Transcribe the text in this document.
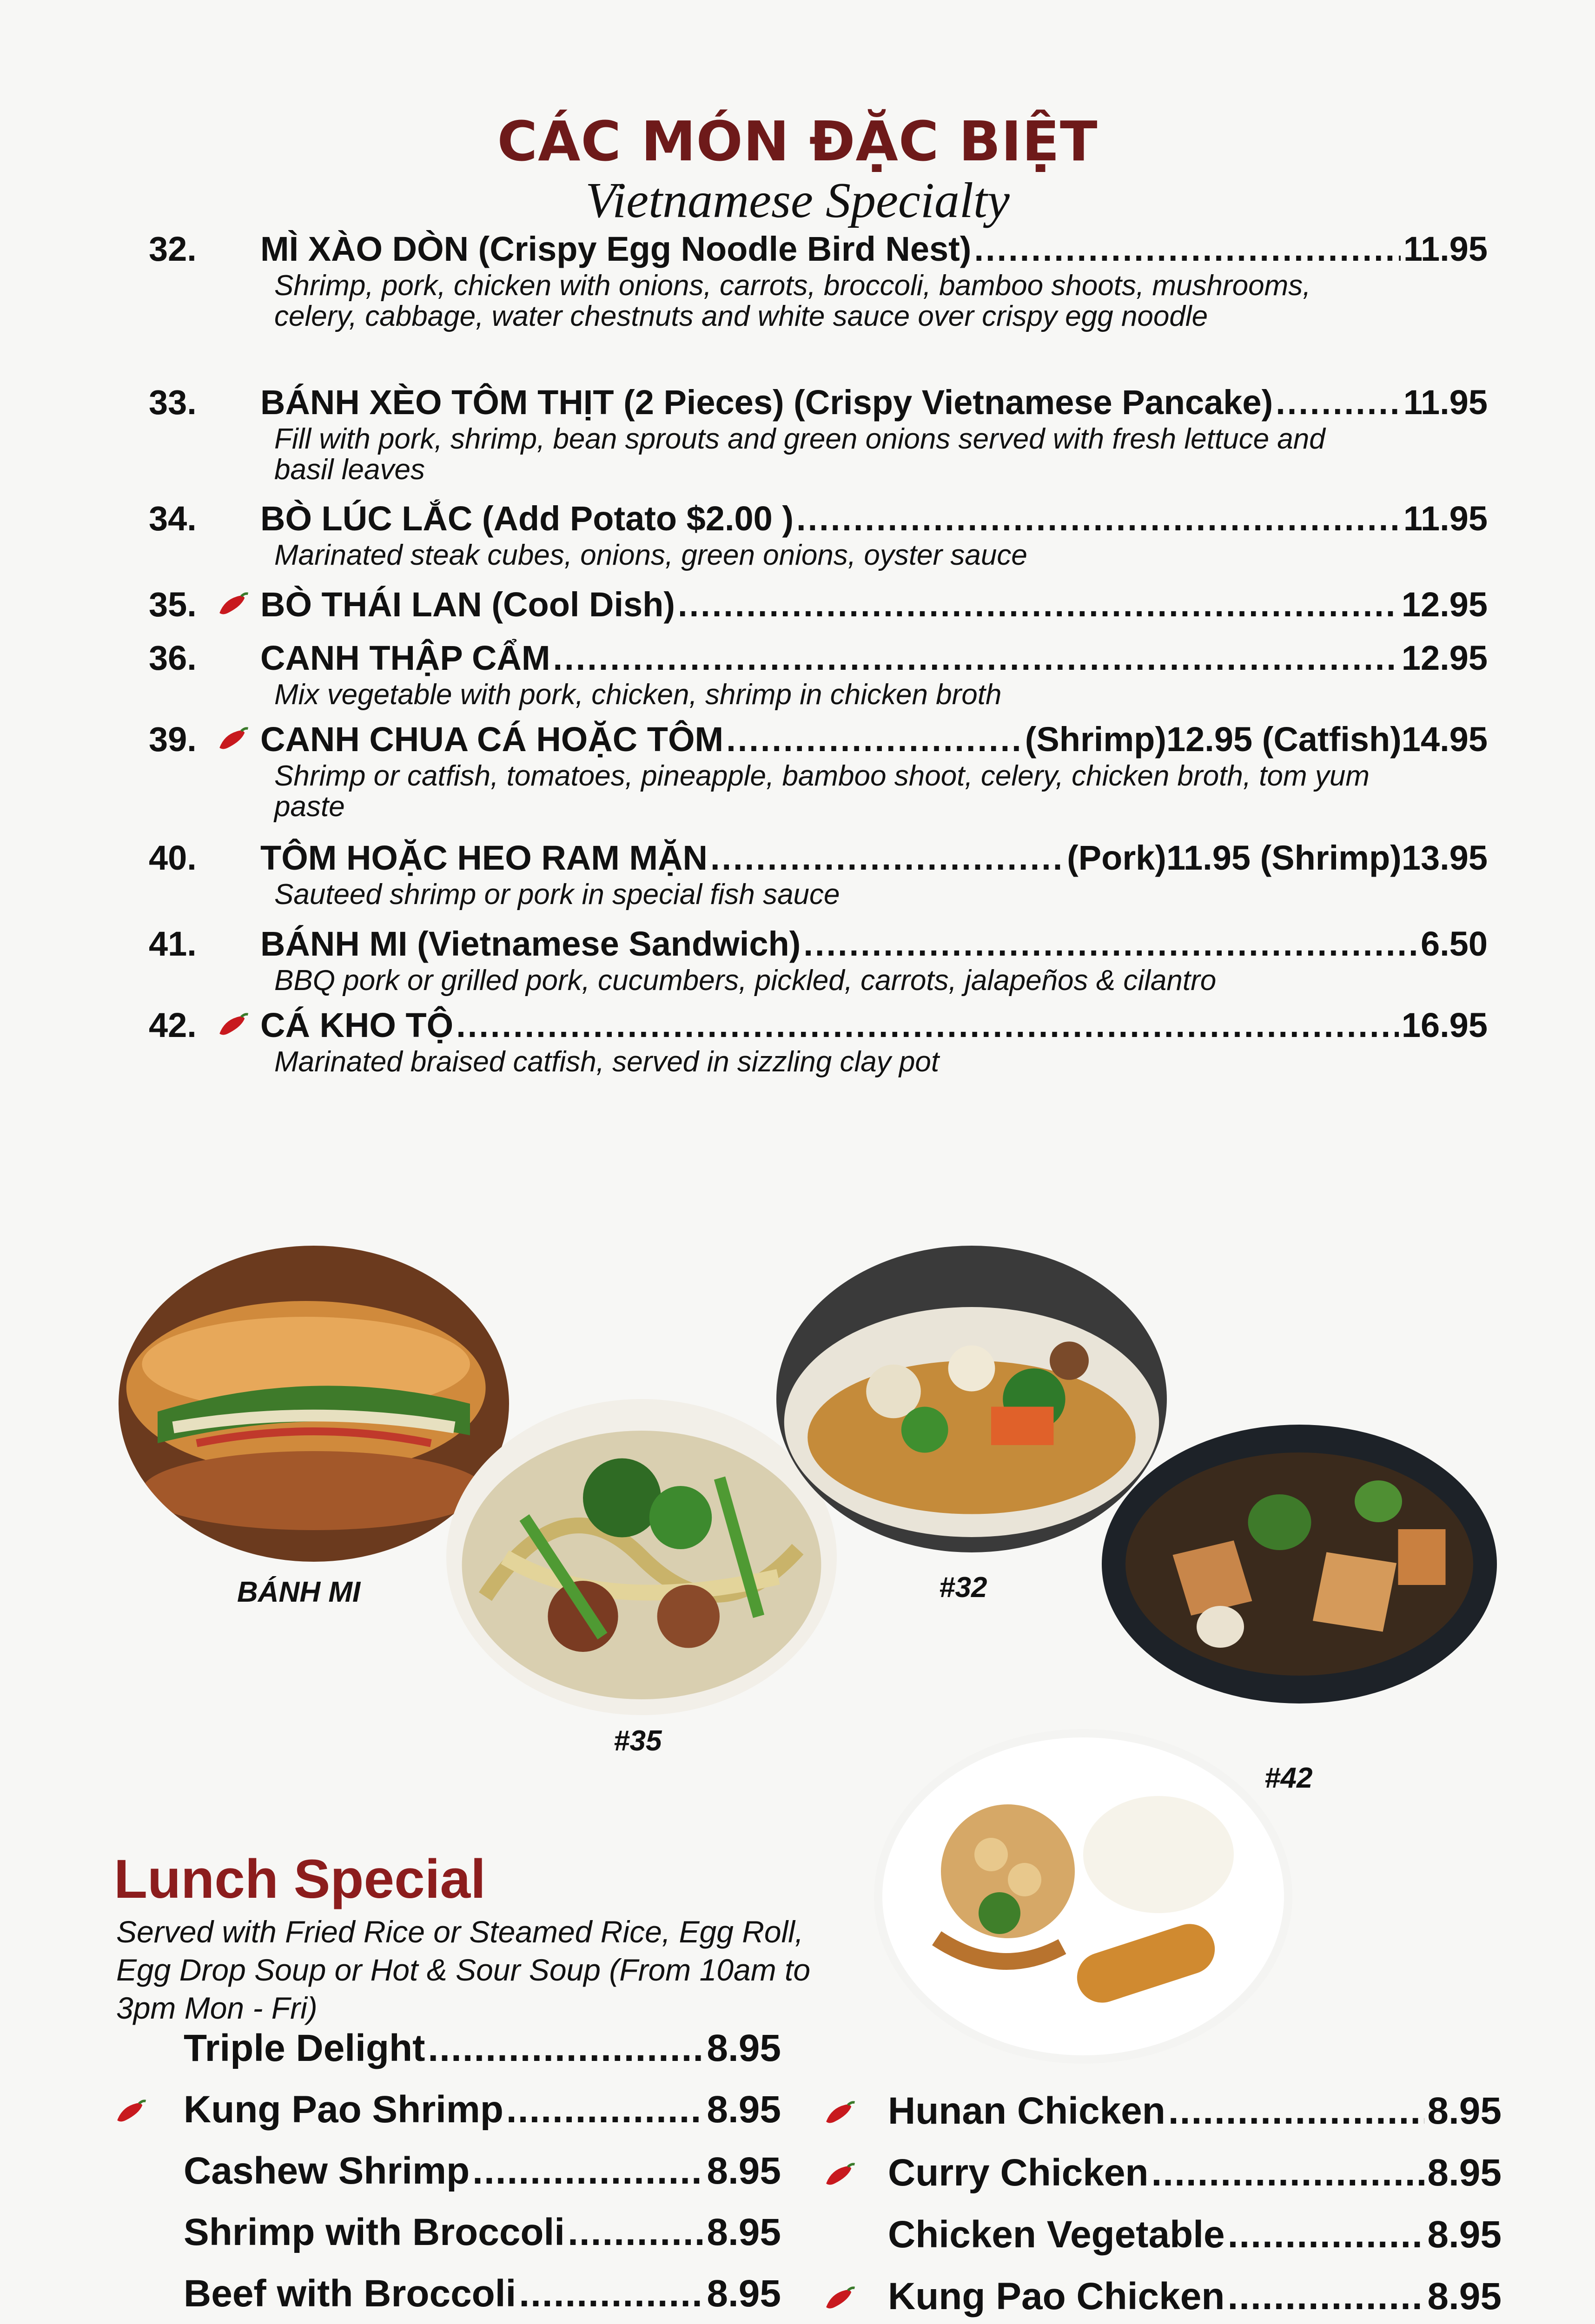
CÁC MÓN ĐẶC BIỆT
Vietnamese Specialty
32.	MÌ XÀO DÒN (Crispy Egg Noodle Bird Nest) .....	11.95
Shrimp, pork, chicken with onions, carrots, broccoli, bamboo shoots, mushrooms, celery, cabbage, water chestnuts and white sauce over crispy egg noodle
33.	BÁNH XÈO TÔM THỊT (2 Pieces) (Crispy Vietnamese Pancake) .....	11.95
Fill with pork, shrimp, bean sprouts and green onions served with fresh lettuce and basil leaves
34.	BÒ LÚC LẮC (Add Potato $2.00 ) .....	11.95
Marinated steak cubes, onions, green onions, oyster sauce
35.	BÒ THÁI LAN (Cool Dish) .....	12.95
36.	CANH THẬP CẨM .....	12.95
Mix vegetable with pork, chicken, shrimp in chicken broth
39.	CANH CHUA CÁ HOẶC TÔM .....	(Shrimp)12.95 (Catfish)14.95
Shrimp or catfish, tomatoes, pineapple, bamboo shoot, celery, chicken broth, tom yum paste
40.	TÔM HOẶC HEO RAM MẶN .....	(Pork)11.95 (Shrimp)13.95
Sauteed shrimp or pork in special fish sauce
41.	BÁNH MI (Vietnamese Sandwich) .....	6.50
BBQ pork or grilled pork, cucumbers, pickled, carrots, jalapeños & cilantro
42.	CÁ KHO TỘ .....	16.95
Marinated braised catfish, served in sizzling clay pot
BÁNH MI
#35
#32
#42
Lunch Special
Served with Fried Rice or Steamed Rice, Egg Roll, Egg Drop Soup or Hot & Sour Soup (From 10am to 3pm Mon - Fri)
Triple Delight .....	8.95
Kung Pao Shrimp .....	8.95
Cashew Shrimp .....	8.95
Shrimp with Broccoli .....	8.95
Beef with Broccoli .....	8.95
Hunan Chicken .....	8.95
Curry Chicken .....	8.95
Chicken Vegetable .....	8.95
Kung Pao Chicken .....	8.95
